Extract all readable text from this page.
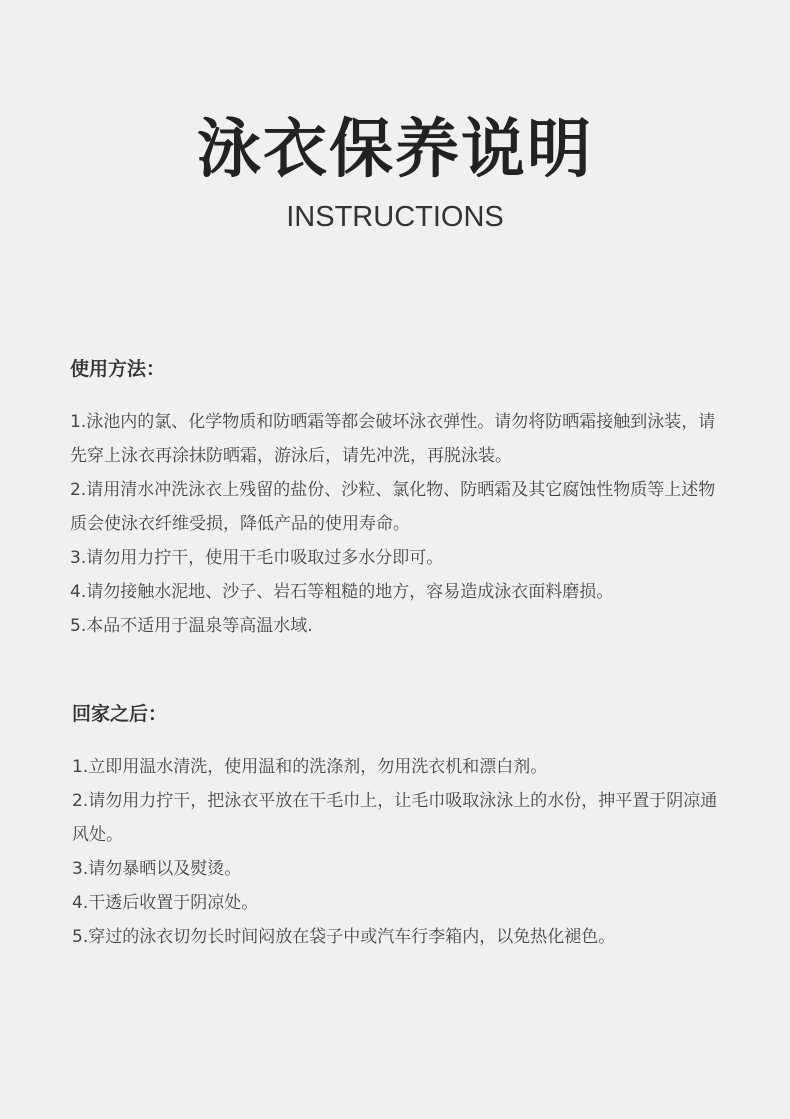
泳衣保养说明
INSTRUCTIONS
使用方法：
1.泳池内的氯、化学物质和防晒霜等都会破坏泳衣弹性。请勿将防晒霜接触到泳装，请先穿上泳衣再涂抹防晒霜，游泳后，请先冲洗，再脱泳装。
2.请用清水冲洗泳衣上残留的盐份、沙粒、氯化物、防晒霜及其它腐蚀性物质等上述物质会使泳衣纤维受损，降低产品的使用寿命。
3.请勿用力拧干，使用干毛巾吸取过多水分即可。
4.请勿接触水泥地、沙子、岩石等粗糙的地方，容易造成泳衣面料磨损。
5.本品不适用于温泉等高温水域.
回家之后：
1.立即用温水清洗，使用温和的洗涤剂，勿用洗衣机和漂白剂。
2.请勿用力拧干，把泳衣平放在干毛巾上，让毛巾吸取泳泳上的水份，抻平置于阴凉通风处。
3.请勿暴晒以及熨烫。
4.干透后收置于阴凉处。
5.穿过的泳衣切勿长时间闷放在袋子中或汽车行李箱内，以免热化褪色。
